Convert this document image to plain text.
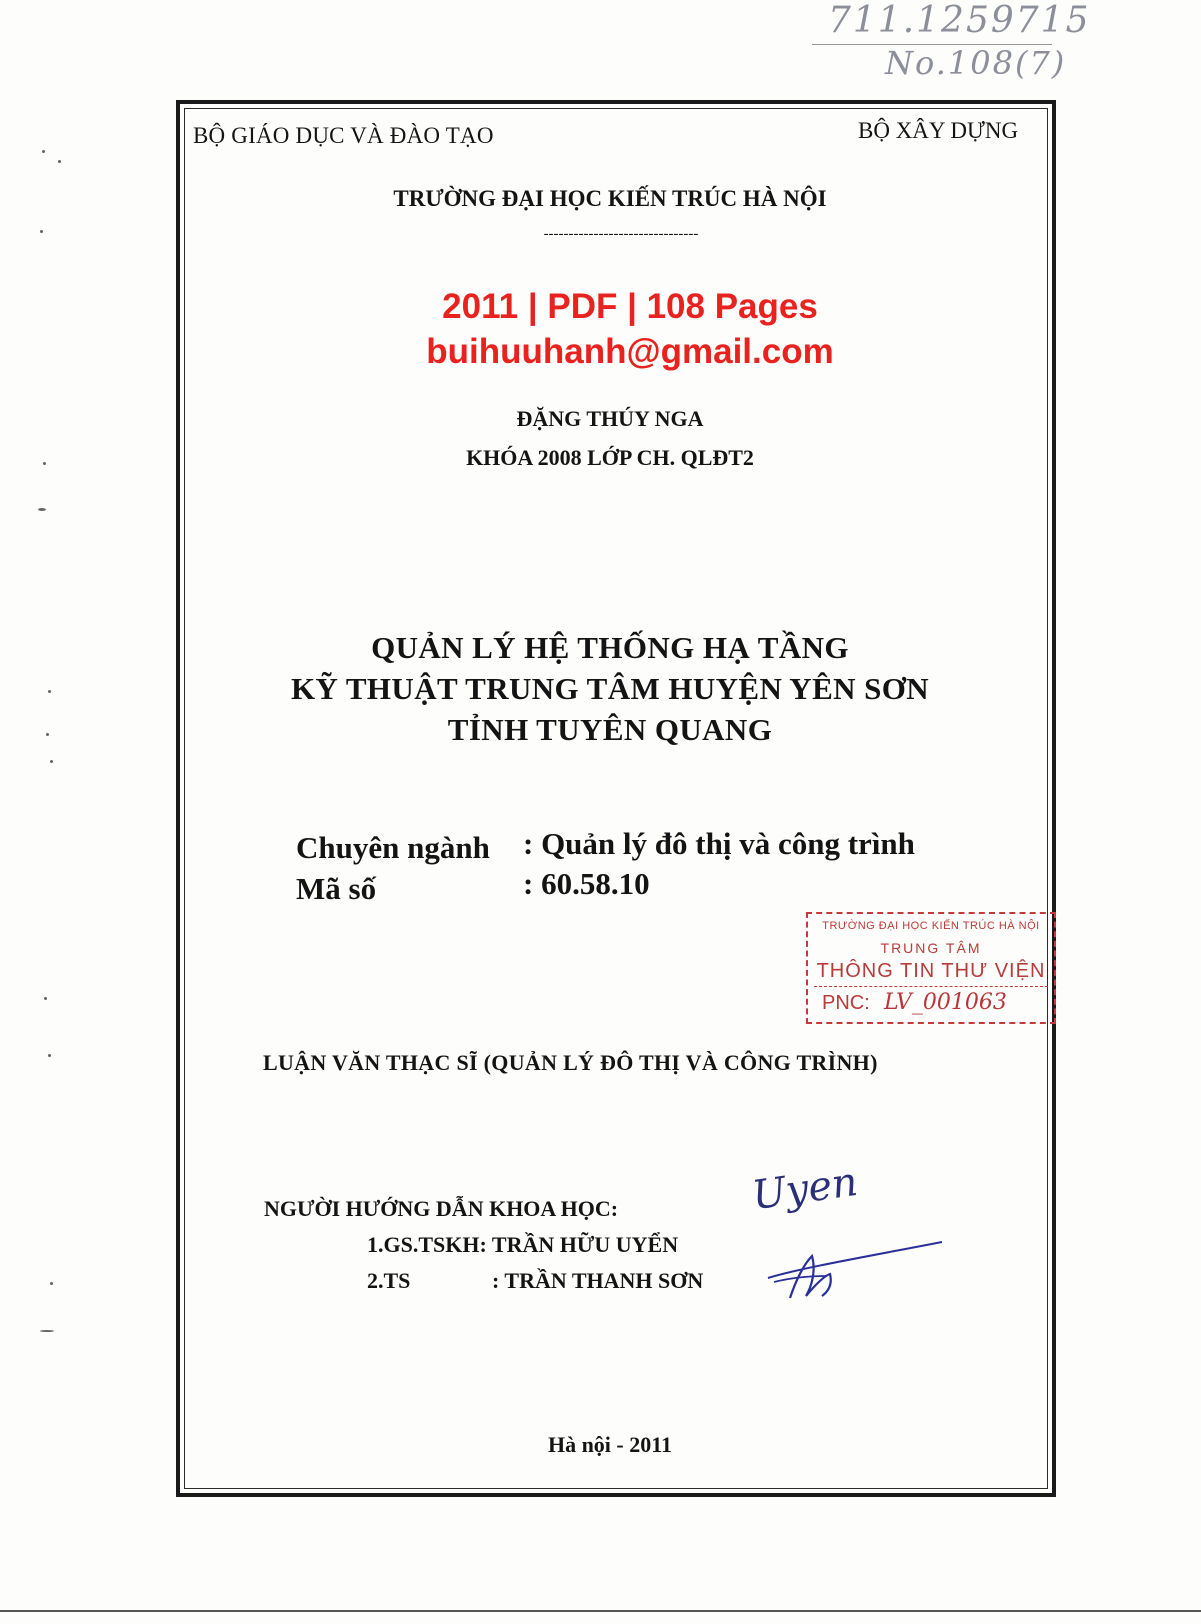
711.1259715
No.108(7)
BỘ GIÁO DỤC VÀ ĐÀO TẠO	BỘ XÂY DỰNG
TRƯỜNG ĐẠI HỌC KIẾN TRÚC HÀ NỘI
-------------------------------
2011 | PDF | 108 Pages
buihuuhanh@gmail.com
ĐẶNG THÚY NGA
KHÓA 2008 LỚP CH. QLĐT2
QUẢN LÝ HỆ THỐNG HẠ TẦNG
KỸ THUẬT TRUNG TÂM HUYỆN YÊN SƠN
TỈNH TUYÊN QUANG
Chuyên ngành : Quản lý đô thị và công trình
Mã số	: 60.58.10
TRƯỜNG ĐẠI HỌC KIẾN TRÚC HÀ NỘI
TRUNG TÂM
THÔNG TIN THƯ VIỆN
PNC: LV_001063
LUẬN VĂN THẠC SĨ (QUẢN LÝ ĐÔ THỊ VÀ CÔNG TRÌNH)
NGƯỜI HƯỚNG DẪN KHOA HỌC:
1.GS.TSKH: TRẦN HỮU UYỂN
2.TS	: TRẦN THANH SƠN
Uyen
Hà nội - 2011
